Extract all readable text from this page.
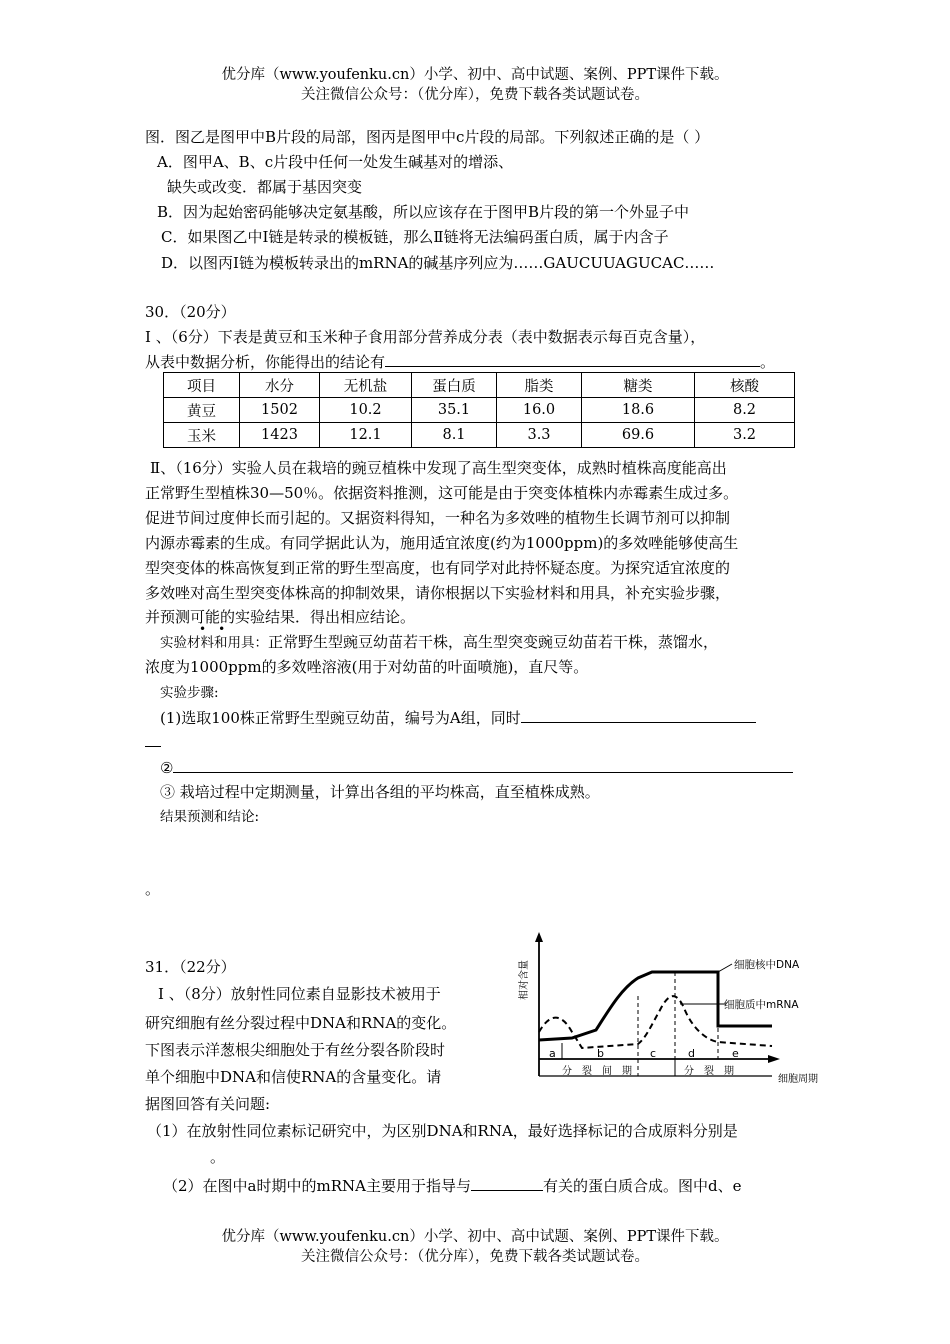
优分库（www.youfenku.cn）小学、初中、高中试题、案例、PPT课件下载。
关注微信公众号：（优分库），免费下载各类试题试卷。
图．图乙是图甲中B片段的局部，图丙是图甲中c片段的局部。下列叙述正确的是（ ）
A．图甲A、B、c片段中任何一处发生碱基对的增添、
缺失或改变．都属于基因突变
B．因为起始密码能够决定氨基酸，所以应该存在于图甲B片段的第一个外显子中
C．如果图乙中Ⅰ链是转录的模板链，那么Ⅱ链将无法编码蛋白质，属于内含子
D．以图丙Ⅰ链为模板转录出的mRNA的碱基序列应为……GAUCUUAGUCAC……
30．（20分）
Ⅰ 、（6分）下表是黄豆和玉米种子食用部分营养成分表（表中数据表示每百克含量），
从表中数据分析，你能得出的结论有	。
项目	水分	无机盐	蛋白质	脂类	糖类	核酸
黄豆	1502	10.2	35.1	16.0	18.6	8.2
玉米	1423	12.1	8.1	3.3	69.6	3.2
Ⅱ、（16分）实验人员在栽培的豌豆植株中发现了高生型突变体，成熟时植株高度能高出
正常野生型植株30—50％。依据资料推测，这可能是由于突变体植株内赤霉素生成过多。
促进节间过度伸长而引起的。又据资料得知，一种名为多效唑的植物生长调节剂可以抑制
内源赤霉素的生成。有同学据此认为，施用适宜浓度(约为1000ppm)的多效唑能够使高生
型突变体的株高恢复到正常的野生型高度，也有同学对此持怀疑态度。为探究适宜浓度的
多效唑对高生型突变体株高的抑制效果，请你根据以下实验材料和用具，补充实验步骤，
并预测可能的实验结果．得出相应结论。
•　•
实验材料和用具：正常野生型豌豆幼苗若干株，高生型突变豌豆幼苗若干株，蒸馏水，
浓度为1000ppm的多效唑溶液(用于对幼苗的叶面喷施)，直尺等。
实验步骤:
(1)选取100株正常野生型豌豆幼苗，编号为A组，同时
②
③ 栽培过程中定期测量，计算出各组的平均株高，直至植株成熟。
结果预测和结论:
。
31．（22分）
Ⅰ 、（8分）放射性同位素自显影技术被用于
研究细胞有丝分裂过程中DNA和RNA的变化。
下图表示洋葱根尖细胞处于有丝分裂各阶段时
单个细胞中DNA和信使RNA的含量变化。请
据图回答有关问题:
（1）在放射性同位素标记研究中，为区别DNA和RNA，最好选择标记的合成原料分别是
。
（2）在图中a时期中的mRNA主要用于指导与	有关的蛋白质合成。图中d、e
相对含量
细胞周期
a	b	c	d	e
分　裂　间　期	分　裂　期
细胞核中DNA
细胞质中mRNA
优分库（www.youfenku.cn）小学、初中、高中试题、案例、PPT课件下载。
关注微信公众号：（优分库），免费下载各类试题试卷。
